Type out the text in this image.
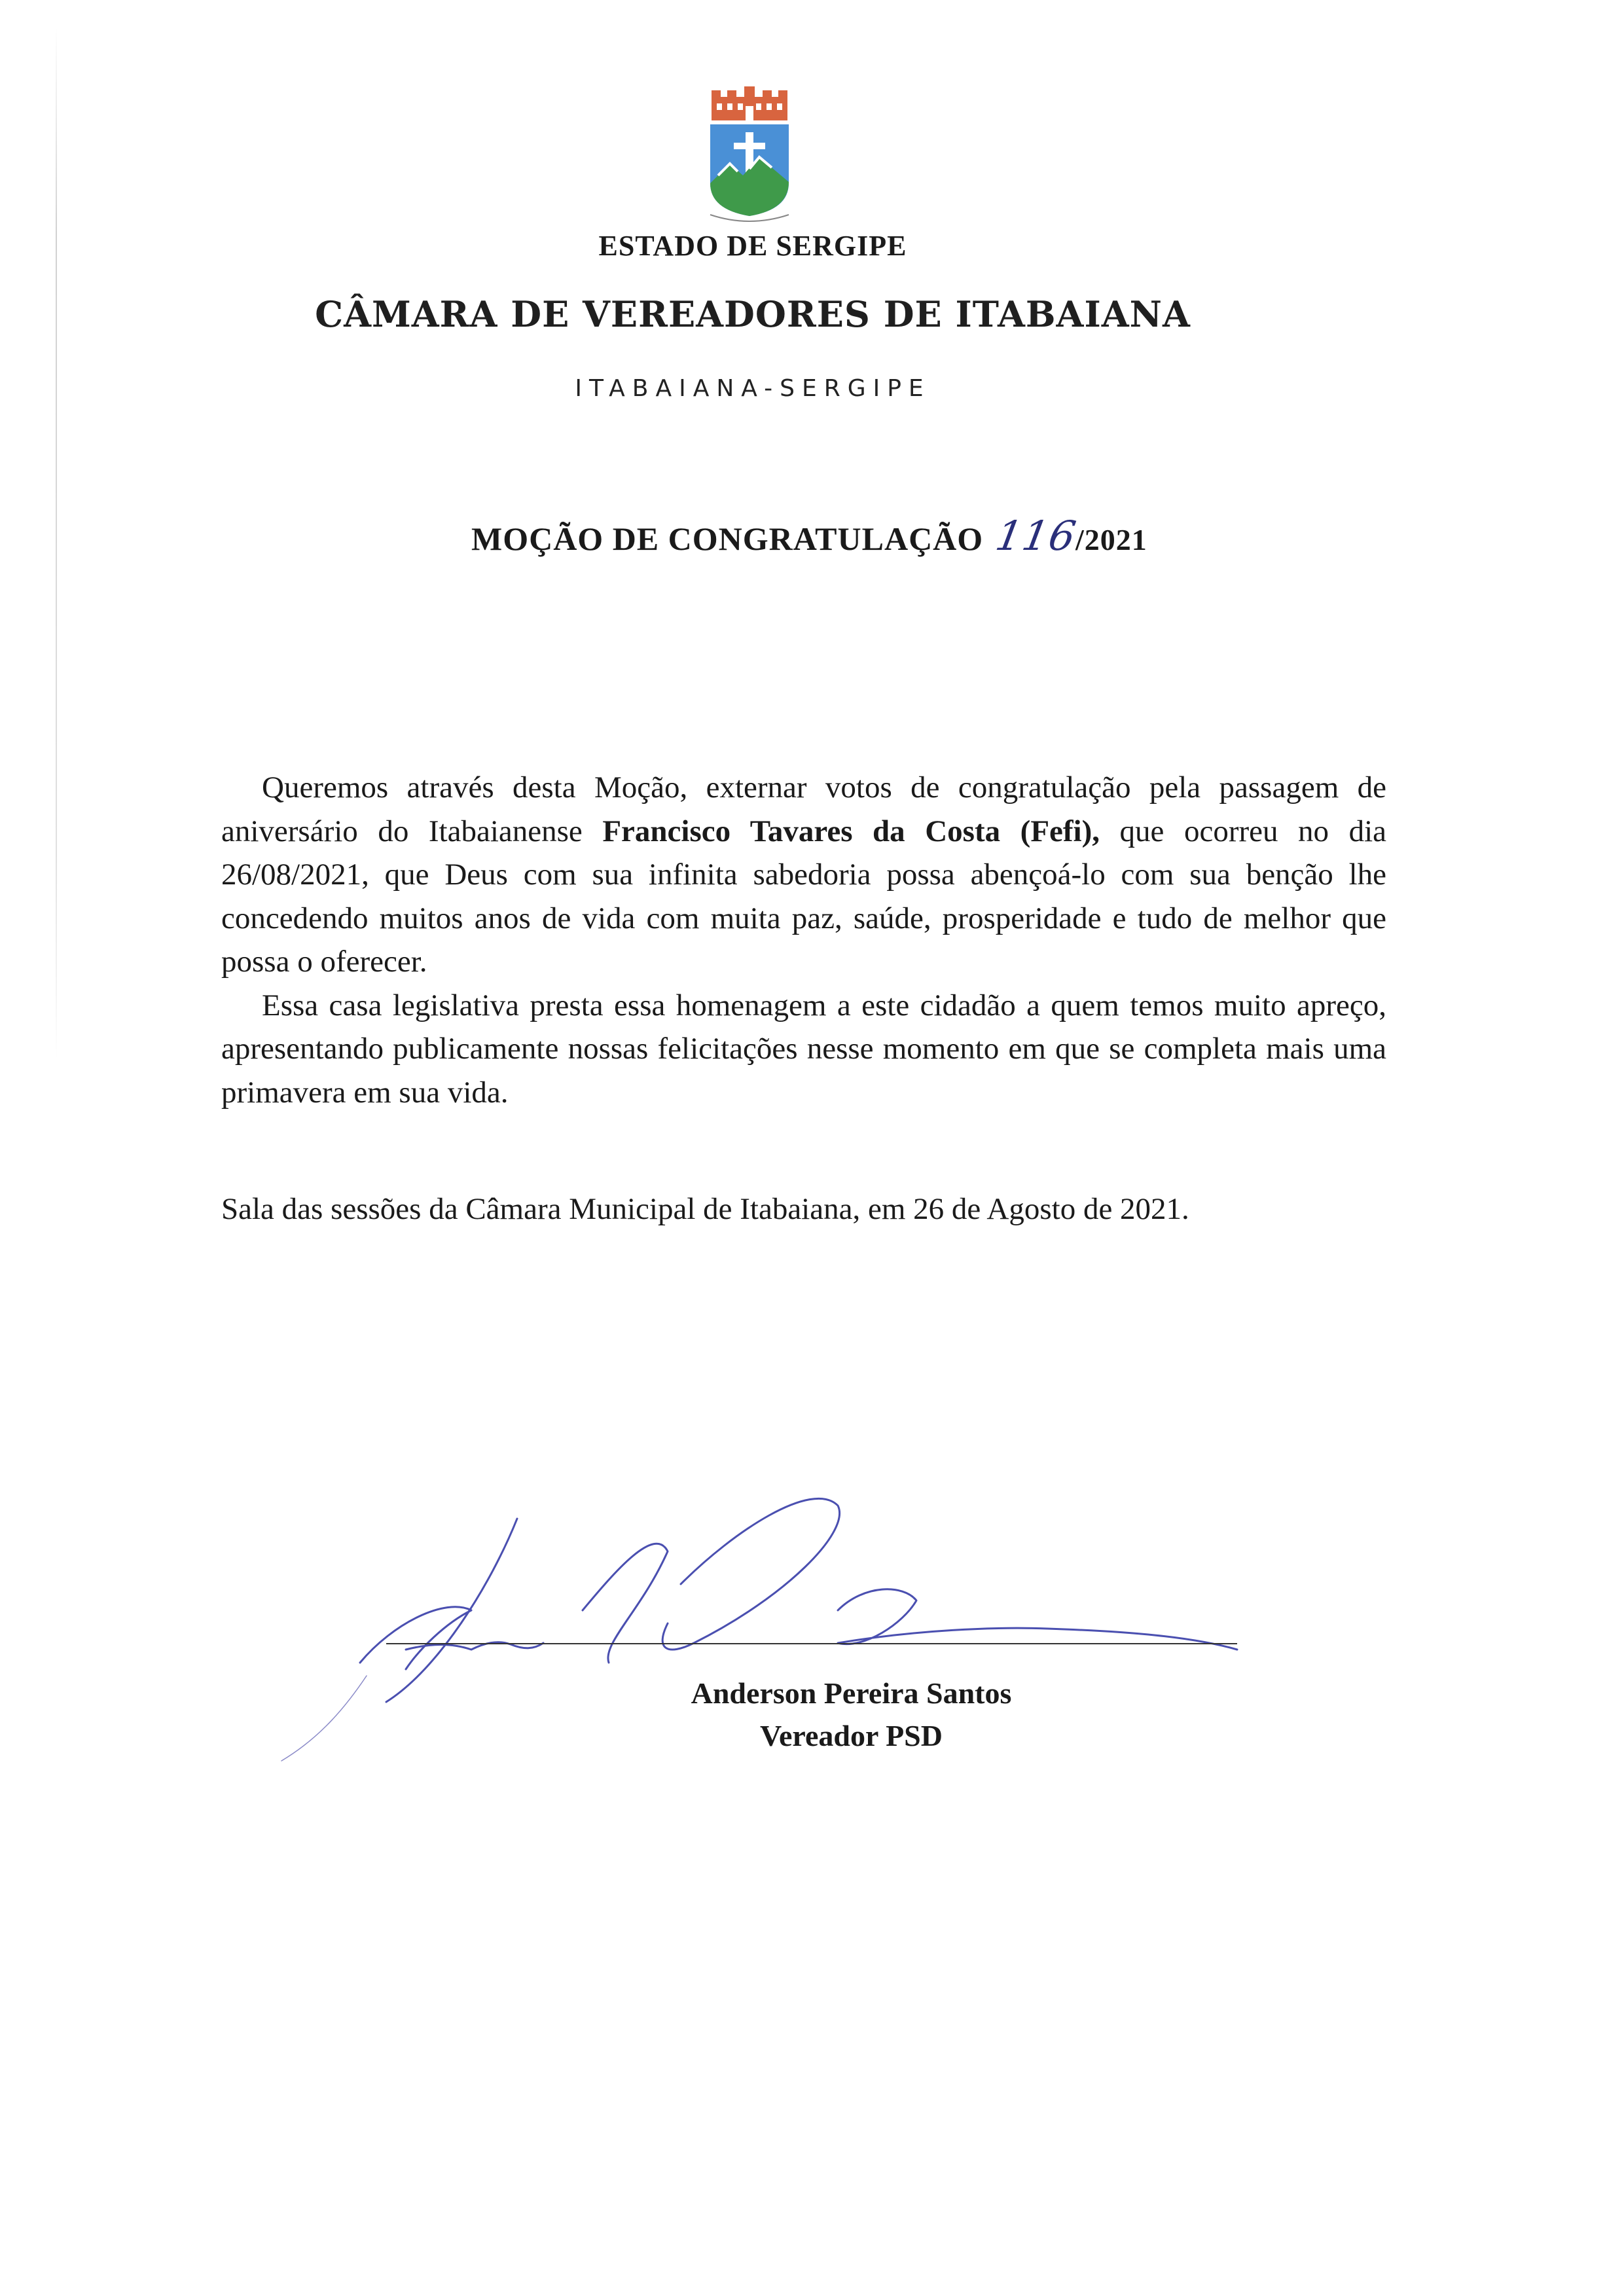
ESTADO DE SERGIPE
CÂMARA DE VEREADORES DE ITABAIANA
ITABAIANA-SERGIPE
MOÇÃO DE CONGRATULAÇÃO 116/2021

Queremos através desta Moção, externar votos de congratulação pela passagem de aniversário do Itabaianense Francisco Tavares da Costa (Fefi), que ocorreu no dia 26/08/2021, que Deus com sua infinita sabedoria possa abençoá-lo com sua benção lhe concedendo muitos anos de vida com muita paz, saúde, prosperidade e tudo de melhor que possa o oferecer.

Essa casa legislativa presta essa homenagem a este cidadão a quem temos muito apreço, apresentando publicamente nossas felicitações nesse momento em que se completa mais uma primavera em sua vida.

Sala das sessões da Câmara Municipal de Itabaiana, em 26 de Agosto de 2021.
Anderson Pereira Santos
Vereador PSD
